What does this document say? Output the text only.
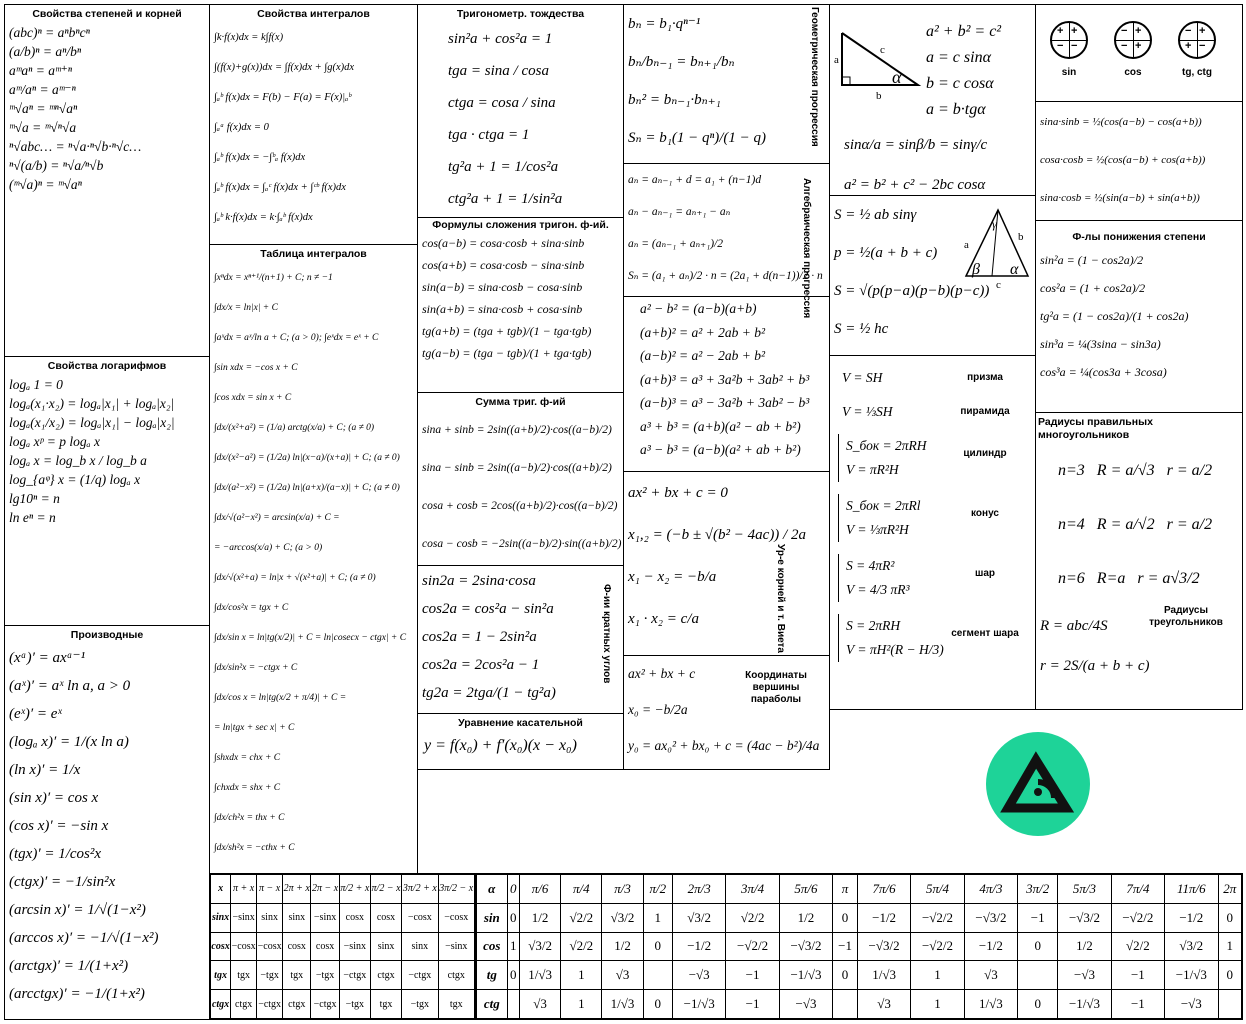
Свойства степеней и корней
(abc)ⁿ = aⁿbⁿcⁿ
(a/b)ⁿ = aⁿ/bⁿ
aᵐaⁿ = aᵐ⁺ⁿ
aᵐ/aⁿ = aᵐ⁻ⁿ
ᵐ√aⁿ = ᵐⁿ√aⁿ
ᵐ√a = ᵐ√ⁿ√a
ⁿ√abc… = ⁿ√a·ⁿ√b·ⁿ√c…
ⁿ√(a/b) = ⁿ√a/ⁿ√b
(ᵐ√a)ⁿ = ᵐ√aⁿ
Свойства логарифмов
logₐ 1 = 0
logₐ(x₁·x₂) = logₐ|x₁| + logₐ|x₂|
logₐ(x₁/x₂) = logₐ|x₁| − logₐ|x₂|
logₐ xᵖ = p logₐ x
logₐ x = log_b x / log_b a
log_{aᵠ} x = (1/q) logₐ x
lg10ⁿ = n
ln eⁿ = n
Производные
(xᵃ)′ = axᵃ⁻¹
(aˣ)′ = aˣ ln a, a > 0
(eˣ)′ = eˣ
(logₐ x)′ = 1/(x ln a)
(ln x)′ = 1/x
(sin x)′ = cos x
(cos x)′ = −sin x
(tgx)′ = 1/cos²x
(ctgx)′ = −1/sin²x
(arcsin x)′ = 1/√(1−x²)
(arccos x)′ = −1/√(1−x²)
(arctgx)′ = 1/(1+x²)
(arcctgx)′ = −1/(1+x²)
Свойства интегралов
∫k·f(x)dx = k∫f(x)
∫(f(x)+g(x))dx = ∫f(x)dx + ∫g(x)dx
∫ₐᵇ f(x)dx = F(b) − F(a) = F(x)|ₐᵇ
∫ₐᵃ f(x)dx = 0
∫ₐᵇ f(x)dx = −∫ᵇₐ f(x)dx
∫ₐᵇ f(x)dx = ∫ₐᶜ f(x)dx + ∫ᶜᵇ f(x)dx
∫ₐᵇ k·f(x)dx = k·∫ₐᵇ f(x)dx
Таблица интегралов
∫xⁿdx = xⁿ⁺¹/(n+1) + C; n ≠ −1
∫dx/x = ln|x| + C
∫aˣdx = aˣ/ln a + C; (a > 0); ∫eˣdx = eˣ + C
∫sin xdx = −cos x + C
∫cos xdx = sin x + C
∫dx/(x²+a²) = (1/a) arctg(x/a) + C; (a ≠ 0)
∫dx/(x²−a²) = (1/2a) ln|(x−a)/(x+a)| + C; (a ≠ 0)
∫dx/(a²−x²) = (1/2a) ln|(a+x)/(a−x)| + C; (a ≠ 0)
∫dx/√(a²−x²) = arcsin(x/a) + C =
= −arccos(x/a) + C; (a > 0)
∫dx/√(x²+a) = ln|x + √(x²+a)| + C; (a ≠ 0)
∫dx/cos²x = tgx + C
∫dx/sin x = ln|tg(x/2)| + C = ln|cosecx − ctgx| + C
∫dx/sin²x = −ctgx + C
∫dx/cos x = ln|tg(x/2 + π/4)| + C =
= ln|tgx + sec x| + C
∫shxdx = chx + C
∫chxdx = shx + C
∫dx/ch²x = thx + C
∫dx/sh²x = −cthx + C
Тригонометр. тождества
sin²a + cos²a = 1
tga = sina / cosa
ctga = cosa / sina
tga · ctga = 1
tg²a + 1 = 1/cos²a
ctg²a + 1 = 1/sin²a
Формулы сложения тригон. ф-ий.
cos(a−b) = cosa·cosb + sina·sinb
cos(a+b) = cosa·cosb − sina·sinb
sin(a−b) = sina·cosb − cosa·sinb
sin(a+b) = sina·cosb + cosa·sinb
tg(a+b) = (tga + tgb)/(1 − tga·tgb)
tg(a−b) = (tga − tgb)/(1 + tga·tgb)
Сумма триг. ф-ий
sina + sinb = 2sin((a+b)/2)·cos((a−b)/2)
sina − sinb = 2sin((a−b)/2)·cos((a+b)/2)
cosa + cosb = 2cos((a+b)/2)·cos((a−b)/2)
cosa − cosb = −2sin((a−b)/2)·sin((a+b)/2)
sin2a = 2sina·cosa
cos2a = cos²a − sin²a
cos2a = 1 − 2sin²a
cos2a = 2cos²a − 1
tg2a = 2tga/(1 − tg²a)
Ф-ии кратных углов
Уравнение касательной
y = f(x₀) + f′(x₀)(x − x₀)
bₙ = b₁·qⁿ⁻¹
bₙ/bₙ₋₁ = bₙ₊₁/bₙ
bₙ² = bₙ₋₁·bₙ₊₁
Sₙ = b₁(1 − qⁿ)/(1 − q)	Геометрическая прогрессия
aₙ = aₙ₋₁ + d = a₁ + (n−1)d
aₙ − aₙ₋₁ = aₙ₊₁ − aₙ
aₙ = (aₙ₋₁ + aₙ₊₁)/2
Sₙ = (a₁ + aₙ)/2 · n = (2a₁ + d(n−1))/2 · n
Алгебраическая прогрессия
a² − b² = (a−b)(a+b)
(a+b)² = a² + 2ab + b²
(a−b)² = a² − 2ab + b²
(a+b)³ = a³ + 3a²b + 3ab² + b³
(a−b)³ = a³ − 3a²b + 3ab² − b³
a³ + b³ = (a+b)(a² − ab + b²)
a³ − b³ = (a−b)(a² + ab + b²)
ax² + bx + c = 0
x₁,₂ = (−b ± √(b² − 4ac)) / 2a
x₁ − x₂ = −b/a
x₁ · x₂ = c/a	Ур-е корней и т. Виета
ax² + bx + c
x₀ = −b/2a
y₀ = ax₀² + bx₀ + c = (4ac − b²)/4a
Координаты вершины параболы
c
a
b
α
a² + b² = c²
a = c sinα
b = c cosα
a = b·tgα
sinα/a = sinβ/b = sinγ/c
a² = b² + c² − 2bc cosα
S = ½ ab sinγ
p = ½(a + b + c)
S = √(p(p−a)(p−b)(p−c))
S = ½ hc
a
b
c
γ
β α
V = SH	призма
V = ⅓SH	пирамида
S_бок = 2πRH
V = πR²H
цилиндр
S_бок = 2πRl
V = ⅓πR²H
конус
S = 4πR²
V = 4/3 πR³
шар
S = 2πRH
V = πH²(R − H/3)
сегмент шара
+ +
− −
sin
− +
− +
cos
− +
+ −
tg, ctg
sina·sinb = ½(cos(a−b) − cos(a+b))
cosa·cosb = ½(cos(a−b) + cos(a+b))
sina·cosb = ½(sin(a−b) + sin(a+b))
Ф-лы понижения степени
sin²a = (1 − cos2a)/2
cos²a = (1 + cos2a)/2
tg²a = (1 − cos2a)/(1 + cos2a)
sin³a = ¼(3sina − sin3a)
cos³a = ¼(cos3a + 3cosa)
Радиусы правильных многоугольников
n=3   R = a/√3   r = a/2
n=4   R = a/√2   r = a/2
n=6   R=a   r = a√3/2
R = abc/4S
r = 2S/(a + b + c)
Радиусы треугольников
x	π + x	π − x	2π + x	2π − x	π/2 + x	π/2 − x	3π/2 + x	3π/2 − x
sinx	−sinx	sinx	sinx	−sinx	cosx	cosx	−cosx	−cosx
cosx	−cosx	−cosx	cosx	cosx	−sinx	sinx	sinx	−sinx
tgx	tgx	−tgx	tgx	−tgx	−ctgx	ctgx	−ctgx	ctgx
ctgx	ctgx	−ctgx	ctgx	−ctgx	−tgx	tgx	−tgx	tgx
α	0	π/6	π/4	π/3	π/2	2π/3	3π/4	5π/6	π	7π/6	5π/4	4π/3	3π/2	5π/3	7π/4	11π/6	2π
sin	0	1/2	√2/2	√3/2	1	√3/2	√2/2	1/2	0	−1/2	−√2/2	−√3/2	−1	−√3/2	−√2/2	−1/2	0
cos	1	√3/2	√2/2	1/2	0	−1/2	−√2/2	−√3/2	−1	−√3/2	−√2/2	−1/2	0	1/2	√2/2	√3/2	1
tg	0	1/√3	1	√3		−√3	−1	−1/√3	0	1/√3	1	√3		−√3	−1	−1/√3	0
ctg		√3	1	1/√3	0	−1/√3	−1	−√3		√3	1	1/√3	0	−1/√3	−1	−√3	
